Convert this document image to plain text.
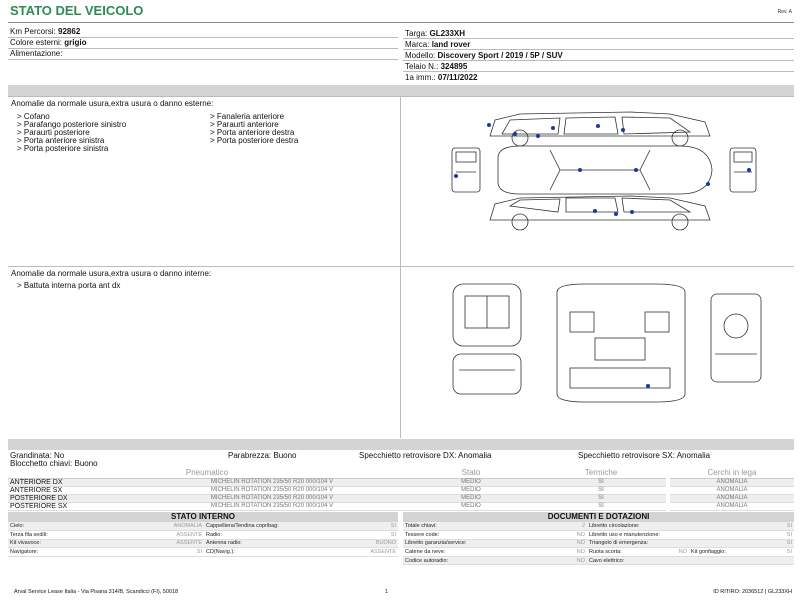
STATO DEL VEICOLO	Rev. A
Km Percorsi: 92862
Colore esterni: grigio
Alimentazione:
Targa: GL233XH
Marca: land rover
Modello: Discovery Sport / 2019 / 5P / SUV
Telaio N.: 324895
1a imm.: 07/11/2022
Anomalie da normale usura,extra usura o danno esterne:
> Cofano
> Parafango posteriore sinistro
> Paraurti posteriore
> Porta anteriore sinistra
> Porta posteriore sinistra
> Fanaleria anteriore
> Paraurti anteriore
> Porta anteriore destra
> Porta posteriore destra
Anomalie da normale usura,extra usura o danno interne:
> Battuta interna porta ant dx
Grandinata: No	Parabrezza: Buono	Specchietto retrovisore DX: Anomalia	Specchietto retrovisore SX: Anomalia
Blocchetto chiavi: Buono
Pneumatico		Stato	Termiche		Cerchi in lega
ANTERIORE DX	MICHELIN ROTATION 235/50 R20 000/104 V	MEDIO	SI		ANOMALIA
ANTERIORE SX	MICHELIN ROTATION 235/50 R20 000/104 V	MEDIO	SI		ANOMALIA
POSTERIORE DX	MICHELIN ROTATION 235/50 R20 000/104 V	MEDIO	SI		ANOMALIA
POSTERIORE SX	MICHELIN ROTATION 235/50 R20 000/104 V	MEDIO	SI		ANOMALIA
STATO INTERNO
Cielo:	ANOMALIA	Cappelliera/Tendina copribag:	SI
Terza fila sedili:	ASSENTE	Radio:	SI
Kit vivavoce:	ASSENTE	Antenna radio:	BUONO
Navigatore:	SI	CD(Navig.):	ASSENTE
DOCUMENTI E DOTAZIONI
Totale chiavi:	2	Libretto circolazione:		SI
Tessere code:	NO	Libretto uso e manutenzione:		SI
Libretto garanzia/service:	NO	Triangolo di emergenza:		SI
Catene da neve:	NO	Ruota scorta:	NO	Kit gonfiaggio: SI

Codice autoradio:	NO	Cavo elettrico:		
Arval Service Lease Italia - Via Pisana 314/B, Scandicci (FI), 50018	1	ID RITIRO: 2036512 | GL233XH
